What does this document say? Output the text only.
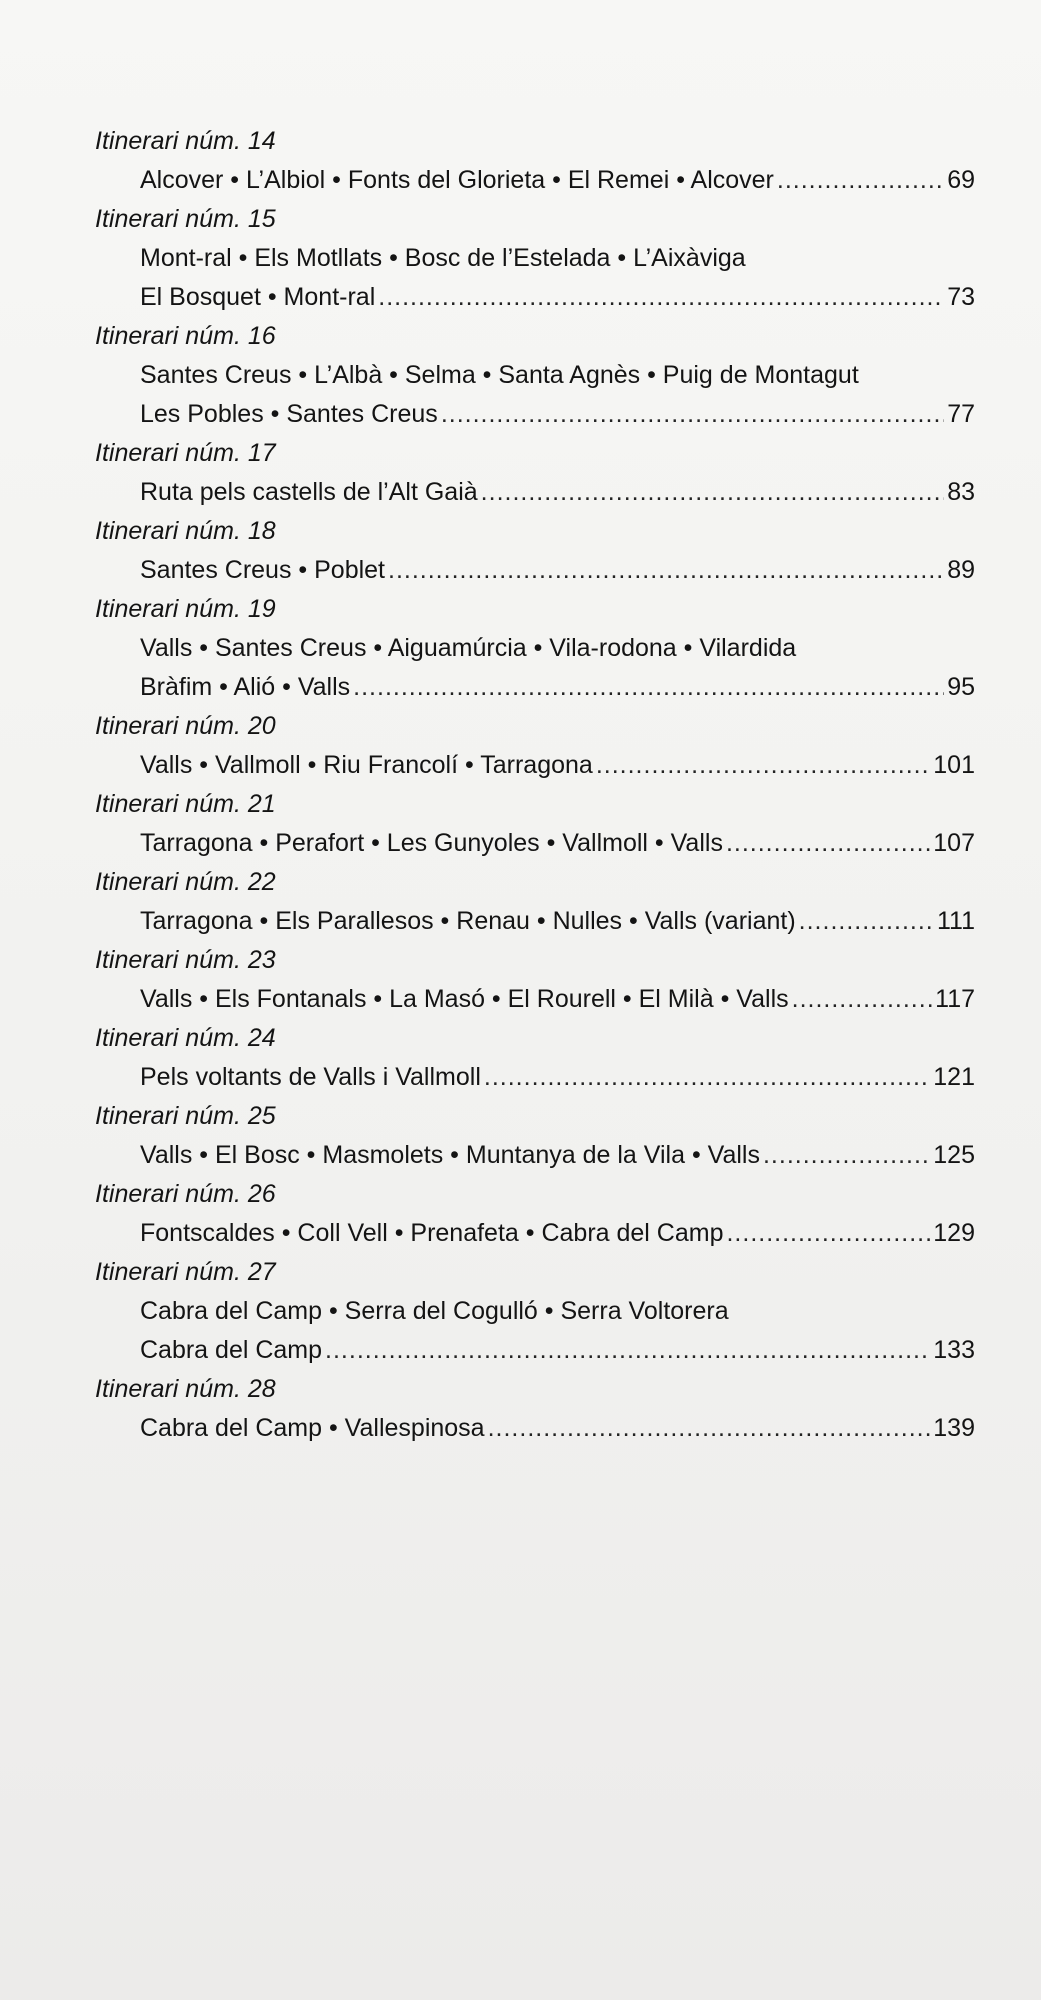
Itinerari núm. 14
Alcover • L’Albiol • Fonts del Glorieta • El Remei • Alcover .....	69
Itinerari núm. 15
Mont-ral • Els Motllats • Bosc de l’Estelada • L’Aixàviga
El Bosquet • Mont-ral .....	73
Itinerari núm. 16
Santes Creus • L’Albà • Selma • Santa Agnès • Puig de Montagut
Les Pobles • Santes Creus .....	77
Itinerari núm. 17
Ruta pels castells de l’Alt Gaià .....	83
Itinerari núm. 18
Santes Creus • Poblet .....	89
Itinerari núm. 19
Valls • Santes Creus • Aiguamúrcia • Vila-rodona • Vilardida
Bràfim • Alió • Valls .....	95
Itinerari núm. 20
Valls • Vallmoll • Riu Francolí • Tarragona .....	101
Itinerari núm. 21
Tarragona • Perafort • Les Gunyoles • Vallmoll • Valls .....	107
Itinerari núm. 22
Tarragona • Els Parallesos • Renau • Nulles • Valls (variant) .....	111
Itinerari núm. 23
Valls • Els Fontanals • La Masó • El Rourell • El Milà • Valls .....	117
Itinerari núm. 24
Pels voltants de Valls i Vallmoll .....	121
Itinerari núm. 25
Valls • El Bosc • Masmolets • Muntanya de la Vila • Valls .....	125
Itinerari núm. 26
Fontscaldes • Coll Vell • Prenafeta • Cabra del Camp .....	129
Itinerari núm. 27
Cabra del Camp • Serra del Cogulló • Serra Voltorera
Cabra del Camp .....	133
Itinerari núm. 28
Cabra del Camp • Vallespinosa .....	139
